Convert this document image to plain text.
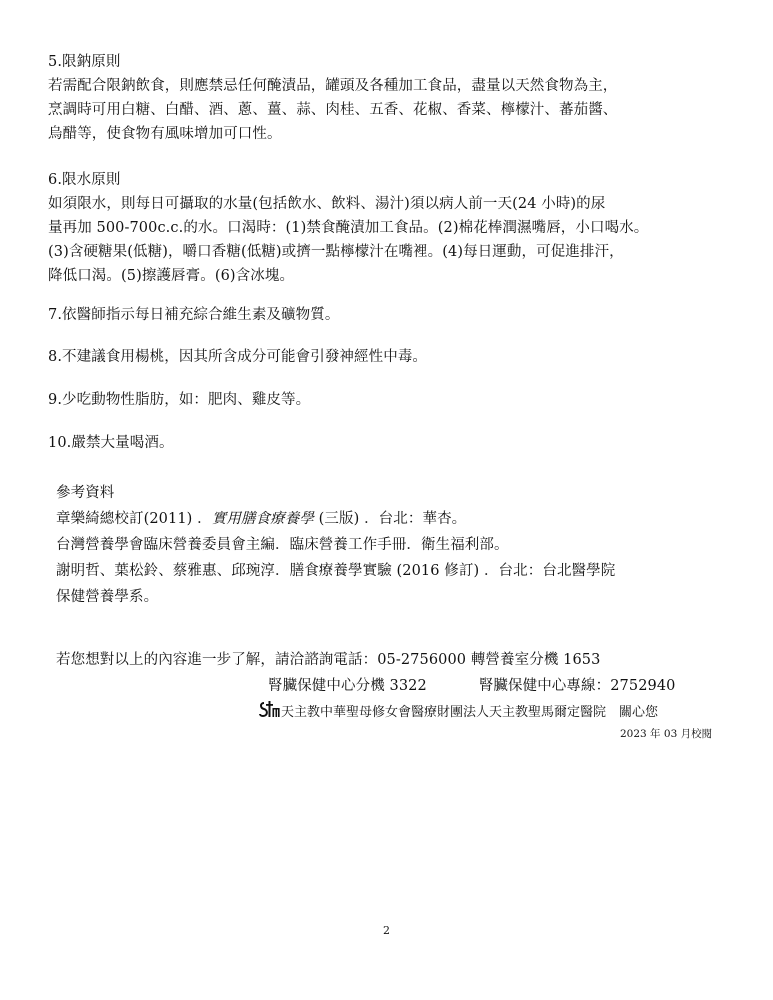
5.限鈉原則
若需配合限鈉飲食，則應禁忌任何醃漬品，罐頭及各種加工食品，盡量以天然食物為主，
烹調時可用白糖、白醋、酒、蔥、薑、蒜、肉桂、五香、花椒、香菜、檸檬汁、蕃茄醬、
烏醋等，使食物有風味增加可口性。
6.限水原則
如須限水，則每日可攝取的水量(包括飲水、飲料、湯汁)須以病人前一天(24 小時)的尿
量再加 500-700c.c.的水。口渴時：(1)禁食醃漬加工食品。(2)棉花棒潤濕嘴唇，小口喝水。
(3)含硬糖果(低糖)，嚼口香糖(低糖)或擠一點檸檬汁在嘴裡。(4)每日運動，可促進排汗，
降低口渴。(5)擦護唇膏。(6)含冰塊。
7.依醫師指示每日補充綜合維生素及礦物質。
8.不建議食用楊桃，因其所含成分可能會引發神經性中毒。
9.少吃動物性脂肪，如：肥肉、雞皮等。
10.嚴禁大量喝酒。
參考資料
章樂綺總校訂(2011) ．實用膳食療養學 (三版) ．台北：華杏。
台灣營養學會臨床營養委員會主編．臨床營養工作手冊．衛生福利部。
謝明哲、葉松鈴、蔡雅惠、邱琬淳．膳食療養學實驗 (2016 修訂) ．台北：台北醫學院
保健營養學系。
若您想對以上的內容進一步了解，請洽諮詢電話：05-2756000 轉營養室分機 1653
腎臟保健中心分機 3322	腎臟保健中心專線：2752940
天主教中華聖母修女會醫療財團法人天主教聖馬爾定醫院　關心您
2023 年 03 月校閱
2
